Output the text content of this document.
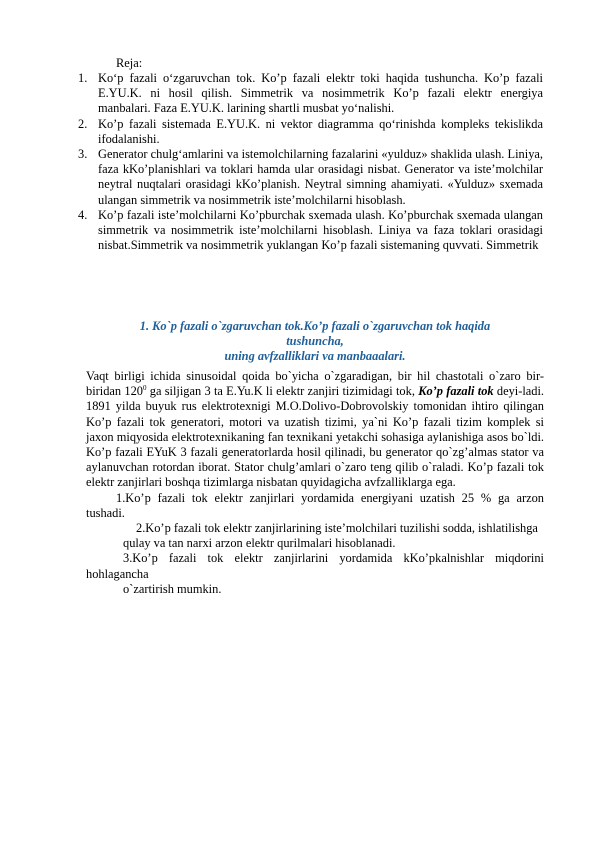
Reja:
1. Ko‘p fazali o‘zgaruvchan tok. Ko’p fazali elektr toki haqida tushuncha. Ko’p fazali E.YU.K. ni hosil qilish. Simmetrik va nosimmetrik Ko’p fazali elektr energiya manbalari. Faza E.YU.K. larining shartli musbat yo‘nalishi.
2. Ko’p fazali sistemada E.YU.K. ni vektor diagramma qo‘rinishda kompleks tekislikda ifodalanishi.
3. Generator chulg‘amlarini va istemolchilarning fazalarini «yulduz» shaklida ulash. Liniya, faza kKo’planishlari va toklari hamda ular orasidagi nisbat. Generator va iste’molchilar neytral nuqtalari orasidagi kKo’planish. Neytral simning ahamiyati. «Yulduz» sxemada ulangan simmetrik va nosimmetrik iste’molchilarni hisoblash.
4. Ko’p fazali iste’molchilarni Ko’pburchak sxemada ulash. Ko’pburchak sxemada ulangan simmetrik va nosimmetrik iste’molchilarni hisoblash. Liniya va faza toklari orasidagi nisbat.Simmetrik va nosimmetrik yuklangan Ko’p fazali sistemaning quvvati. Simmetrik
1. Ko`p fazali o`zgaruvchan tok.Ko’p fazali o`zgaruvchan tok haqida
tushuncha,
uning avfzalliklari va manbaaalari.

Vaqt birligi ichida sinusoidal qoida bo`yicha o`zgaradigan, bir hil chastotali o`zaro bir-biridan $120^0$ ga siljigan 3 ta E.Yu.K li elektr zanjiri tizimidagi tok, Ko’p fazali tok deyi-ladi. 1891 yilda buyuk rus elektrotexnigi M.O.Dolivo-Dobrovolskiy tomonidan ihtiro qilingan Ko’p fazali tok generatori, motori va uzatish tizimi, ya`ni Ko’p fazali tizim komplek si jaxon miqyosida elektrotexnikaning fan texnikani yetakchi sohasiga aylanishiga asos bo`ldi. Ko’p fazali EYuK 3 fazali generatorlarda hosil qilinadi, bu generator qo`zg’almas stator va aylanuvchan rotordan iborat. Stator chulg’amlari o`zaro teng qilib o`raladi. Ko’p fazali tok elektr zanjirlari boshqa tizimlarga nisbatan quyidagicha avfzalliklarga ega.

1.Ko’p fazali tok elektr zanjirlari yordamida energiyani uzatish 25 % ga arzon tushadi.

2.Ko’p fazali tok elektr zanjirlarining iste’molchilari tuzilishi sodda, ishlatilishga

qulay va tan narxi arzon elektr qurilmalari hisoblanadi.

3.Ko’p fazali tok elektr zanjirlarini yordamida kKo’pkalnishlar miqdorini hohlagancha

o`zartirish mumkin.
